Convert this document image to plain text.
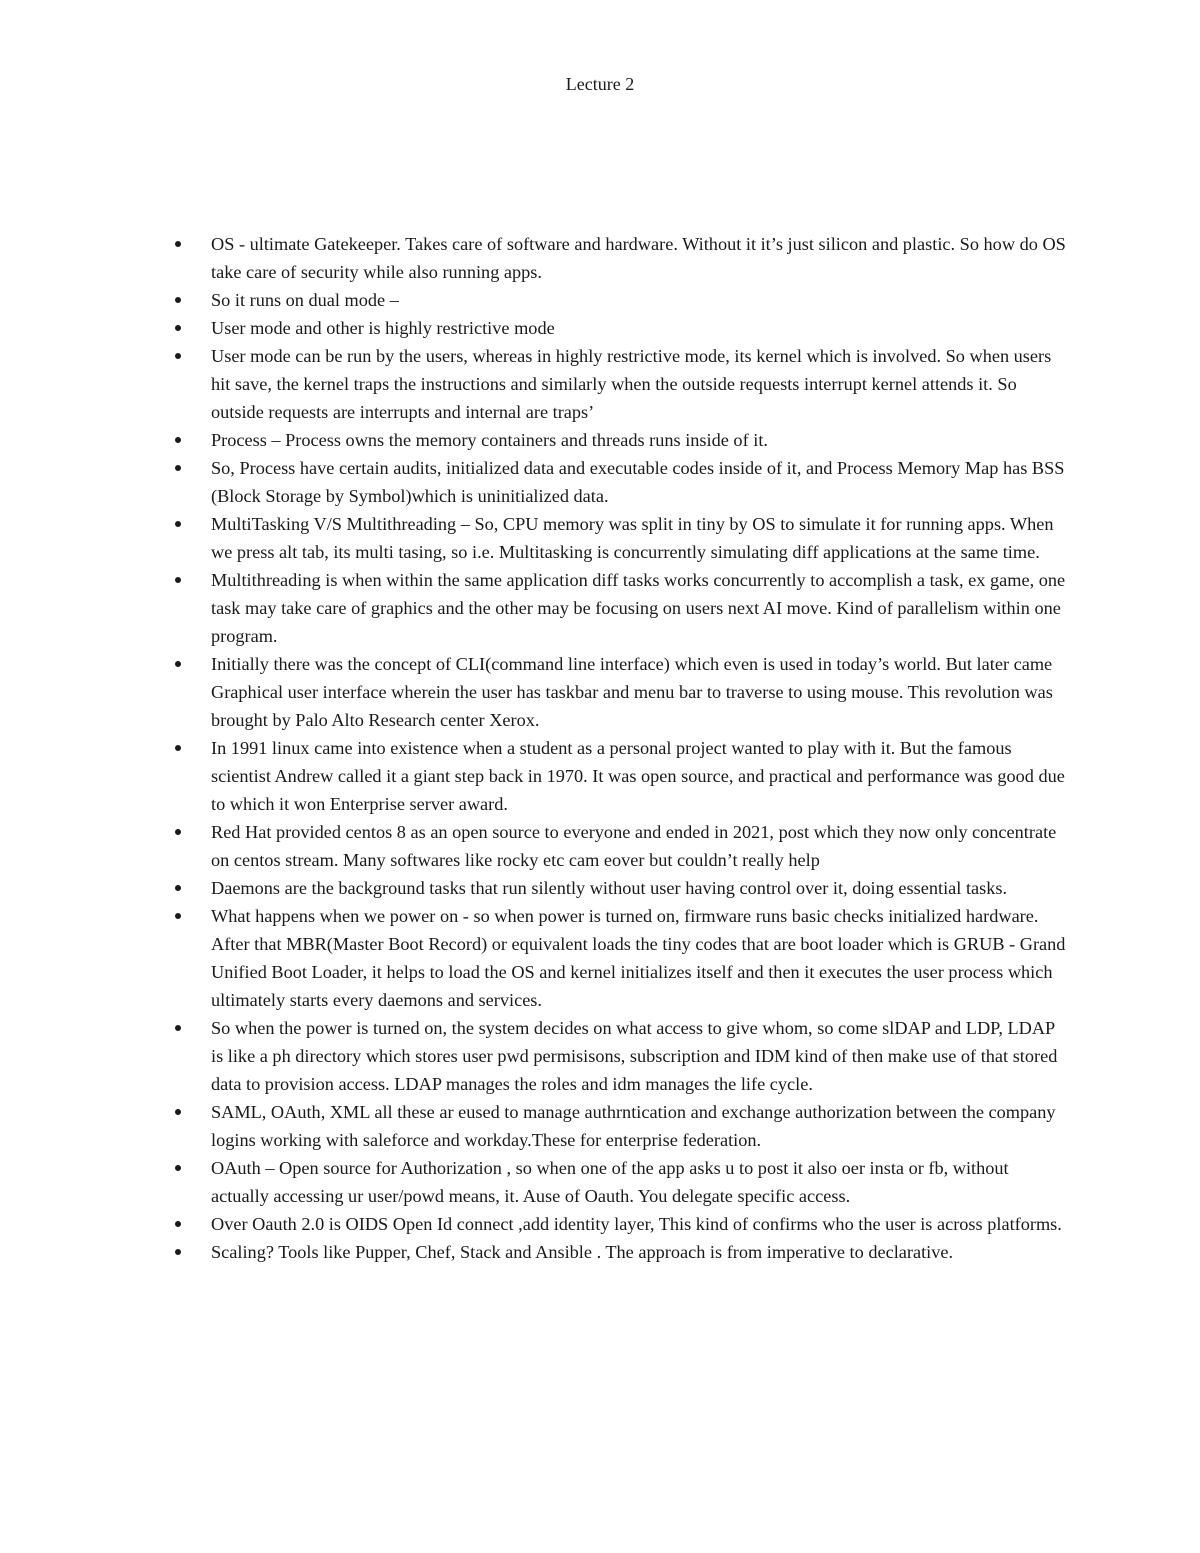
Lecture 2
OS - ultimate Gatekeeper. Takes care of software and hardware. Without it it’s just silicon and plastic. So how do OS take care of security while also running apps.
So it runs on dual mode –
User mode and other is highly restrictive mode
User mode can be run by the users, whereas in highly restrictive mode, its kernel which is involved. So when users hit save, the kernel traps the instructions and similarly when the outside requests interrupt kernel attends it. So outside requests are interrupts and internal are traps’
Process – Process owns the memory containers and threads runs inside of it.
So, Process have certain audits, initialized data and executable codes inside of it, and Process Memory Map has BSS (Block Storage by Symbol)which is uninitialized data.
MultiTasking V/S Multithreading – So, CPU memory was split in tiny by OS to simulate it for running apps. When we press alt tab, its multi tasing, so i.e. Multitasking is concurrently simulating diff applications at the same time.
Multithreading is when within the same application diff tasks works concurrently to accomplish a task, ex game, one task may take care of graphics and the other may be focusing on users next AI move. Kind of parallelism within one program.
Initially there was the concept of CLI(command line interface) which even is used in today’s world. But later came Graphical user interface wherein the user has taskbar and menu bar to traverse to using mouse. This revolution was brought by Palo Alto Research center Xerox.
In 1991 linux came into existence when a student as a personal project wanted to play with it. But the famous scientist Andrew called it a giant step back in 1970. It was open source, and practical and performance was good due to which it won Enterprise server award.
Red Hat provided centos 8 as an open source to everyone and ended in 2021, post which they now only concentrate on centos stream. Many softwares like rocky etc cam eover but couldn’t really help
Daemons are the background tasks that run silently without user having control over it, doing essential tasks.
What happens when we power on - so when power is turned on, firmware runs basic checks initialized hardware. After that MBR(Master Boot Record) or equivalent loads the tiny codes that are boot loader which is GRUB - Grand Unified Boot Loader, it helps to load the OS and kernel initializes itself and then it executes the user process which ultimately starts every daemons and services.
So when the power is turned on, the system decides on what access to give whom, so come slDAP and LDP, LDAP is like a ph directory which stores user pwd permisisons, subscription and IDM kind of then make use of that stored data to provision access. LDAP manages the roles and idm manages the life cycle.
SAML, OAuth, XML all these ar eused to manage authrntication and exchange authorization between the company logins working with saleforce and workday.These for enterprise federation.
OAuth – Open source for Authorization , so when one of the app asks u to post it also oer insta or fb, without actually accessing ur user/powd means, it. Ause of Oauth. You delegate specific access.
Over Oauth 2.0 is OIDS Open Id connect ,add identity layer, This kind of confirms who the user is across platforms.
Scaling? Tools like Pupper, Chef, Stack and Ansible . The approach is from imperative to declarative.
